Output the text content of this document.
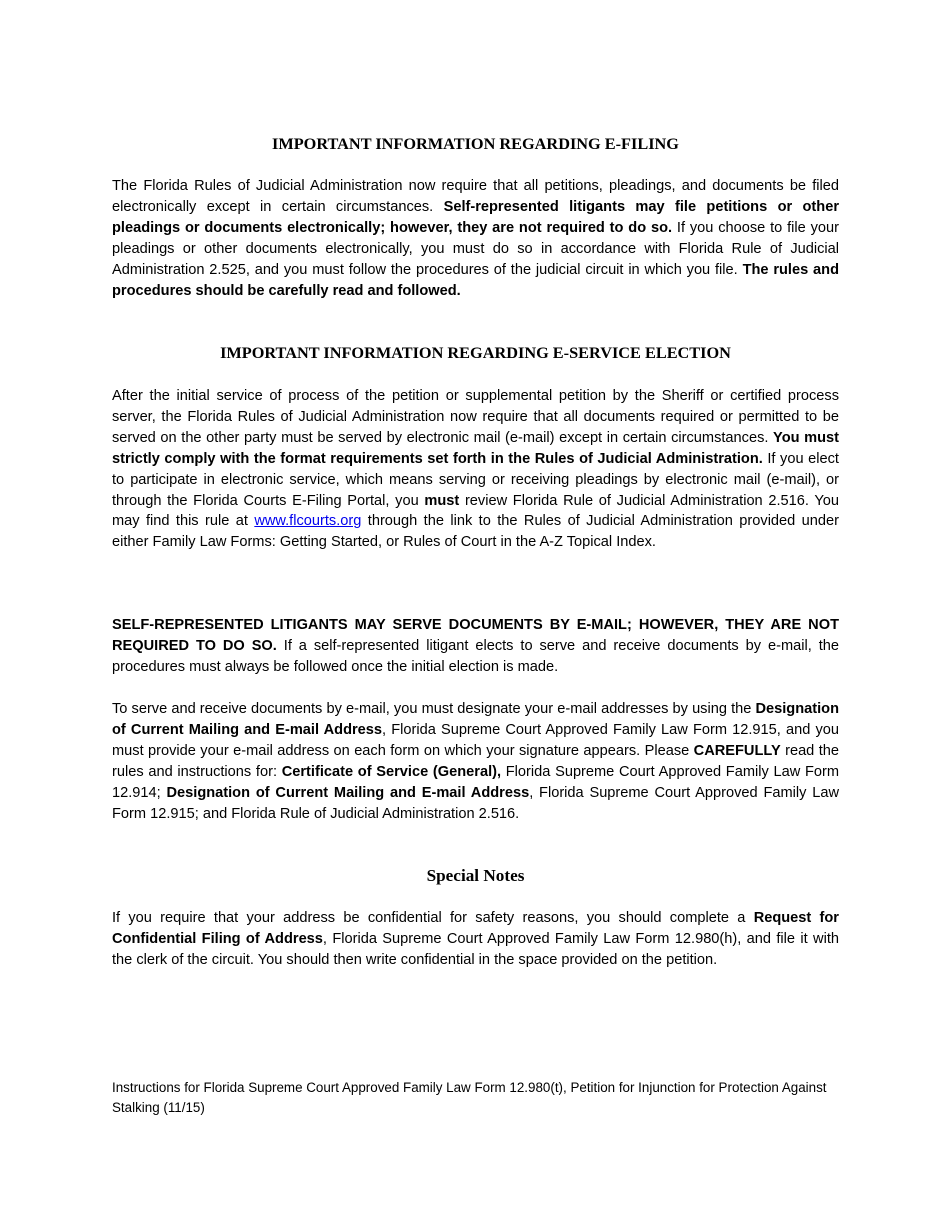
IMPORTANT INFORMATION REGARDING E-FILING

The Florida Rules of Judicial Administration now require that all petitions, pleadings, and documents be filed electronically except in certain circumstances. Self-represented litigants may file petitions or other pleadings or documents electronically; however, they are not required to do so. If you choose to file your pleadings or other documents electronically, you must do so in accordance with Florida Rule of Judicial Administration 2.525, and you must follow the procedures of the judicial circuit in which you file. The rules and procedures should be carefully read and followed.

IMPORTANT INFORMATION REGARDING E-SERVICE ELECTION

After the initial service of process of the petition or supplemental petition by the Sheriff or certified process server, the Florida Rules of Judicial Administration now require that all documents required or permitted to be served on the other party must be served by electronic mail (e-mail) except in certain circumstances. You must strictly comply with the format requirements set forth in the Rules of Judicial Administration. If you elect to participate in electronic service, which means serving or receiving pleadings by electronic mail (e-mail), or through the Florida Courts E-Filing Portal, you must review Florida Rule of Judicial Administration 2.516. You may find this rule at www.flcourts.org through the link to the Rules of Judicial Administration provided under either Family Law Forms: Getting Started, or Rules of Court in the A-Z Topical Index.

SELF-REPRESENTED LITIGANTS MAY SERVE DOCUMENTS BY E-MAIL; HOWEVER, THEY ARE NOT REQUIRED TO DO SO. If a self-represented litigant elects to serve and receive documents by e-mail, the procedures must always be followed once the initial election is made.

To serve and receive documents by e-mail, you must designate your e-mail addresses by using the Designation of Current Mailing and E-mail Address, Florida Supreme Court Approved Family Law Form 12.915, and you must provide your e-mail address on each form on which your signature appears. Please CAREFULLY read the rules and instructions for: Certificate of Service (General), Florida Supreme Court Approved Family Law Form 12.914; Designation of Current Mailing and E-mail Address, Florida Supreme Court Approved Family Law Form 12.915; and Florida Rule of Judicial Administration 2.516.

Special Notes

If you require that your address be confidential for safety reasons, you should complete a Request for Confidential Filing of Address, Florida Supreme Court Approved Family Law Form 12.980(h), and file it with the clerk of the circuit. You should then write confidential in the space provided on the petition.

Instructions for Florida Supreme Court Approved Family Law Form 12.980(t), Petition for Injunction for Protection Against Stalking (11/15)
